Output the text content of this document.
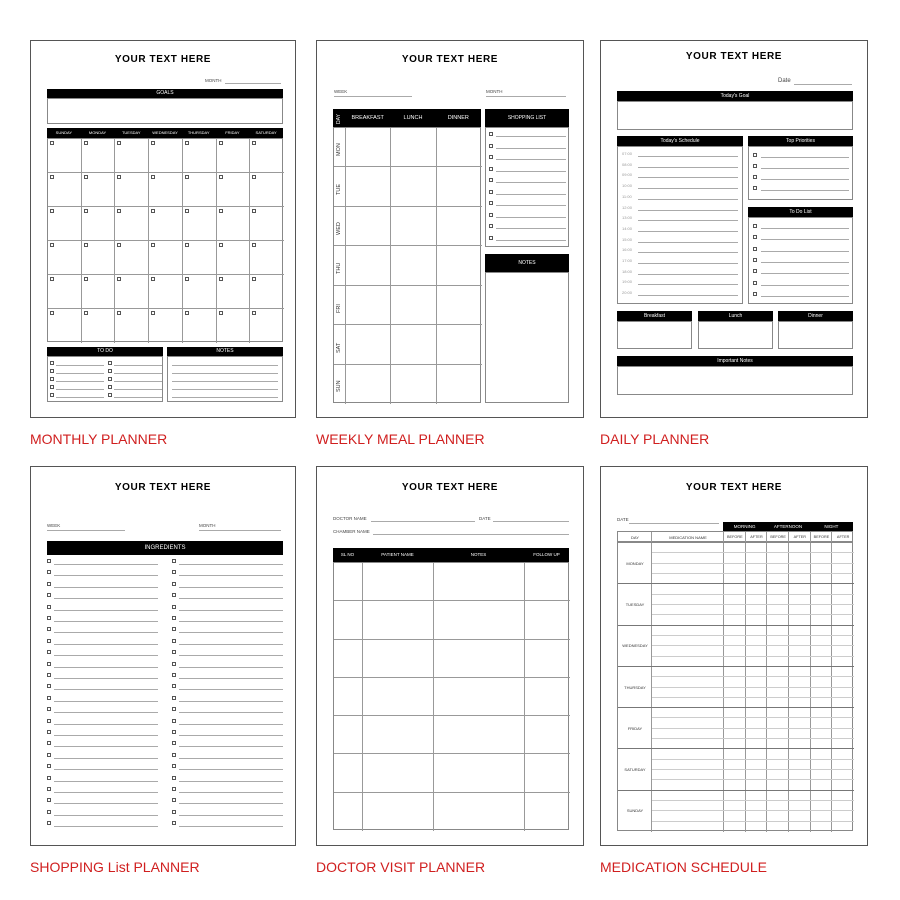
YOUR TEXT HERE
MONTH
GOALS
SUNDAY	MONDAY	TUESDAY	WEDNESDAY	THURSDAY	FRIDAY	SATURDAY
TO DO	NOTES
MONTHLY PLANNER
YOUR TEXT HERE
WEEK	MONTH
DAY	BREAKFAST	LUNCH	DINNER
MON
TUE
WED
THU
FRI
SAT
SUN
SHOPPING LIST
NOTES
WEEKLY MEAL PLANNER
YOUR TEXT HERE
Date
Today's Goal
Today's Schedule
07:00
08:00
09:00
10:00
11:00
12:00
13:00
14:00
15:00
16:00
17:00
18:00
19:00
20:00
Top Priorities
To Do List
Breakfast	Lunch	Dinner
Important Notes
DAILY PLANNER
YOUR TEXT HERE
WEEK	MONTH
INGREDIENTS
SHOPPING List PLANNER
YOUR TEXT HERE
DOCTOR NAME	DATE
CHAMBER NAME
SL NO	PATIENT NAME	NOTES	FOLLOW UP
DOCTOR VISIT PLANNER
YOUR TEXT HERE
DATE
MORNING	AFTERNOON	NIGHT
DAY	MEDICATION NAME	BEFORE	AFTER	BEFORE	AFTER	BEFORE	AFTER
MONDAY
TUESDAY
WEDNESDAY
THURSDAY
FRIDAY
SATURDAY
SUNDAY
MEDICATION SCHEDULE
